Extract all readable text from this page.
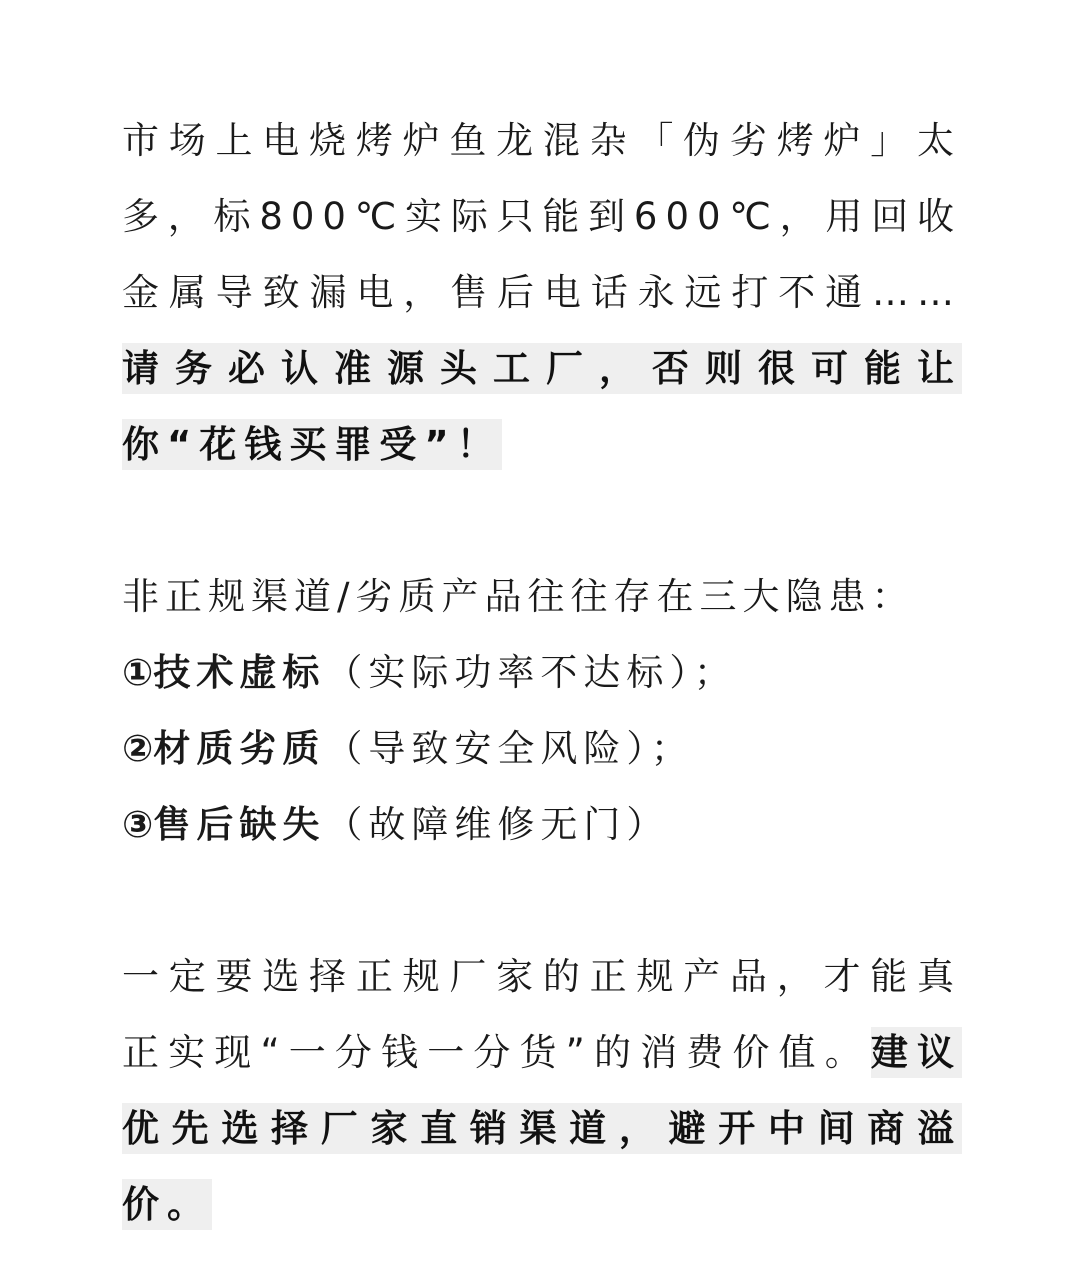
市场上电烧烤炉鱼龙混杂「伪劣烤炉」太多，标800℃实际只能到600℃，用回收金属导致漏电，售后电话永远打不通……请务必认准源头工厂，否则很可能让你“花钱买罪受”！

非正规渠道/劣质产品往往存在三大隐患：
①技术虚标（实际功率不达标）；
②材质劣质（导致安全风险）；
③售后缺失（故障维修无门）

一定要选择正规厂家的正规产品，才能真正实现“一分钱一分货”的消费价值。建议优先选择厂家直销渠道，避开中间商溢价。
